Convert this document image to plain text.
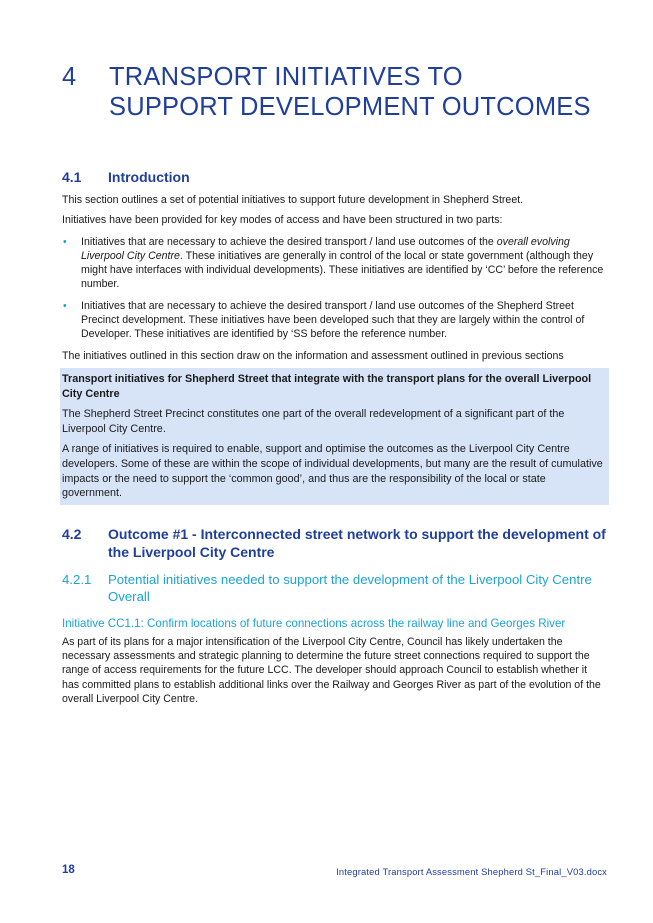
4 TRANSPORT INITIATIVES TO
SUPPORT DEVELOPMENT OUTCOMES
4.1	Introduction

This section outlines a set of potential initiatives to support future development in Shepherd Street.

Initiatives have been provided for key modes of access and have been structured in two parts:

• Initiatives that are necessary to achieve the desired transport / land use outcomes of the overall evolving Liverpool City Centre. These initiatives are generally in control of the local or state government (although they might have interfaces with individual developments). These initiatives are identified by ‘CC’ before the reference number.
• Initiatives that are necessary to achieve the desired transport / land use outcomes of the Shepherd Street Precinct development. These initiatives have been developed such that they are largely within the control of Developer. These initiatives are identified by ‘SS before the reference number.

The initiatives outlined in this section draw on the information and assessment outlined in previous sections

Transport initiatives for Shepherd Street that integrate with the transport plans for the overall Liverpool City Centre

The Shepherd Street Precinct constitutes one part of the overall redevelopment of a significant part of the Liverpool City Centre.

A range of initiatives is required to enable, support and optimise the outcomes as the Liverpool City Centre developers. Some of these are within the scope of individual developments, but many are the result of cumulative impacts or the need to support the ‘common good’, and thus are the responsibility of the local or state government.

4.2	Outcome #1 - Interconnected street network to support the development of the Liverpool City Centre
4.2.1	Potential initiatives needed to support the development of the Liverpool City Centre Overall
Initiative CC1.1: Confirm locations of future connections across the railway line and Georges River

As part of its plans for a major intensification of the Liverpool City Centre, Council has likely undertaken the necessary assessments and strategic planning to determine the future street connections required to support the range of access requirements for the future LCC. The developer should approach Council to establish whether it has committed plans to establish additional links over the Railway and Georges River as part of the evolution of the overall Liverpool City Centre.

18	Integrated Transport Assessment Shepherd St_Final_V03.docx
